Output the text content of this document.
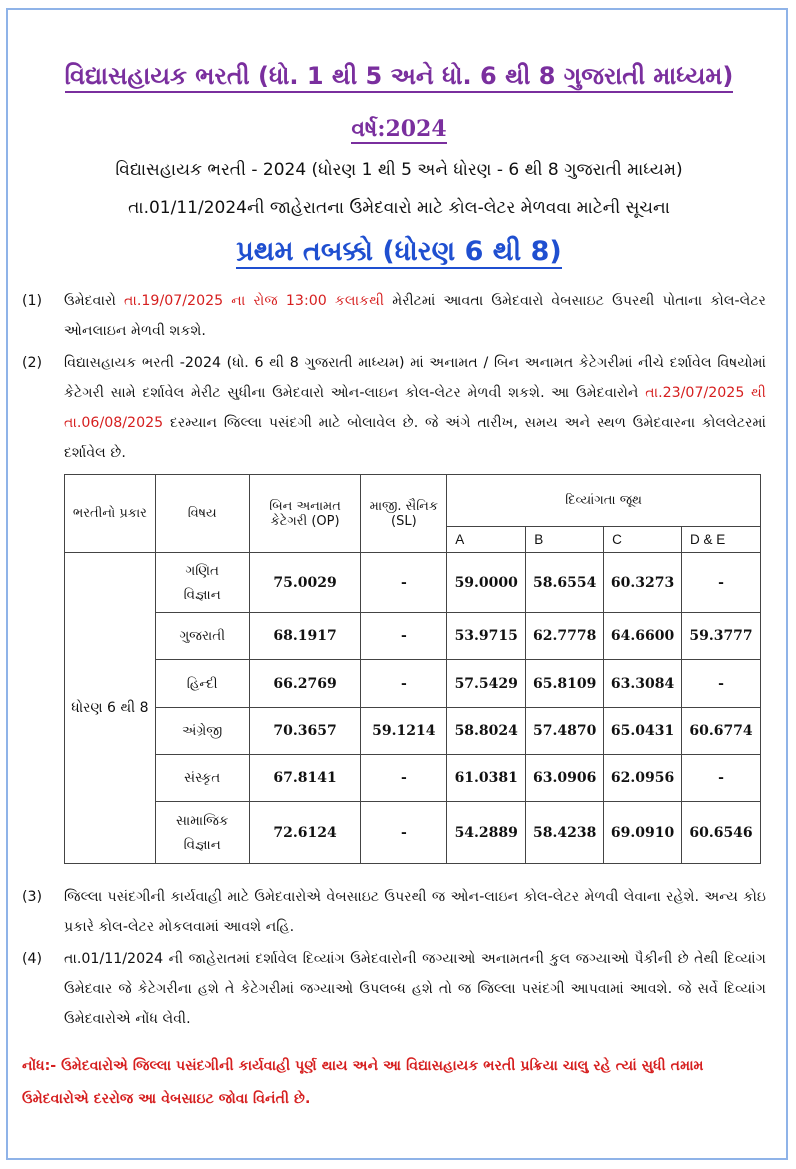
વિદ્યાસહાયક ભરતી (ધો. 1 થી 5 અને ધો. 6 થી 8 ગુજરાતી માધ્યમ)
વર્ષ:2024
વિદ્યાસહાયક ભરતી - 2024 (ધોરણ 1 થી 5 અને ધોરણ - 6 થી 8 ગુજરાતી માધ્યમ)
તા.01/11/2024ની જાહેરાતના ઉમેદવારો માટે કોલ-લેટર મેળવવા માટેની સૂચના
પ્રથમ તબક્કો (ધોરણ 6 થી 8)
(1)	ઉમેદવારો તા.19/07/2025 ના રોજ 13:00 કલાકથી મેરીટમાં આવતા ઉમેદવારો વેબસાઇટ ઉપરથી પોતાના કોલ-લેટર ઓનલાઇન મેળવી શકશે.
(2)	વિદ્યાસહાયક ભરતી -2024 (ધો. 6 થી 8 ગુજરાતી માધ્યમ) માં અનામત / બિન અનામત કેટેગરીમાં નીચે દર્શાવેલ વિષયોમાં કેટેગરી સામે દર્શાવેલ મેરીટ સુધીના ઉમેદવારો ઓન-લાઇન કોલ-લેટર મેળવી શકશે. આ ઉમેદવારોને તા.23/07/2025 થી તા.06/08/2025 દરમ્યાન જિલ્લા પસંદગી માટે બોલાવેલ છે. જે અંગે તારીખ, સમય અને સ્થળ ઉમેદવારના કોલલેટરમાં દર્શાવેલ છે.
ભરતીનો પ્રકાર	વિષય	બિન અનામત કેટેગરી (OP)	માજી. સૈનિક (SL)	દિવ્યાંગતા જૂથ			
				A	B	C	D & E
ધોરણ 6 થી 8	ગણિત વિજ્ઞાન	75.0029	-	59.0000	58.6554	60.3273	-
	ગુજરાતી	68.1917	-	53.9715	62.7778	64.6600	59.3777
	હિન્દી	66.2769	-	57.5429	65.8109	63.3084	-
	અંગ્રેજી	70.3657	59.1214	58.8024	57.4870	65.0431	60.6774
	સંસ્કૃત	67.8141	-	61.0381	63.0906	62.0956	-
	સામાજિક વિજ્ઞાન	72.6124	-	54.2889	58.4238	69.0910	60.6546
(3)	જિલ્લા પસંદગીની કાર્યવાહી માટે ઉમેદવારોએ વેબસાઇટ ઉપરથી જ ઓન-લાઇન કોલ-લેટર મેળવી લેવાના રહેશે. અન્ય કોઇ પ્રકારે કોલ-લેટર મોકલવામાં આવશે નહિ.
(4)	તા.01/11/2024 ની જાહેરાતમાં દર્શાવેલ દિવ્યાંગ ઉમેદવારોની જગ્યાઓ અનામતની કુલ જગ્યાઓ પૈકીની છે તેથી દિવ્યાંગ ઉમેદવાર જે કેટેગરીના હશે તે કેટેગરીમાં જગ્યાઓ ઉપલબ્ધ હશે તો જ જિલ્લા પસંદગી આપવામાં આવશે. જે સર્વે દિવ્યાંગ ઉમેદવારોએ નોંધ લેવી.
નોંધ:- ઉમેદવારોએ જિલ્લા પસંદગીની કાર્યવાહી પૂર્ણ થાય અને આ વિદ્યાસહાયક ભરતી પ્રક્રિયા ચાલુ રહે ત્યાં સુધી તમામ ઉમેદવારોએ દરરોજ આ વેબસાઇટ જોવા વિનંતી છે.
